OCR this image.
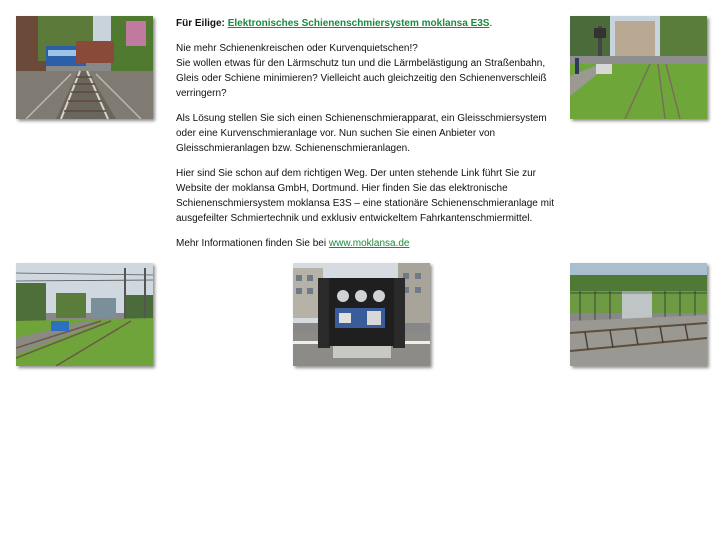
Für Eilige: Elektronisches Schienenschmiersystem moklansa E3S.

Nie mehr Schienenkreischen oder Kurvenquietschen!?
Sie wollen etwas für den Lärmschutz tun und die Lärmbelästigung an Straßenbahn, Gleis oder Schiene minimieren? Vielleicht auch gleichzeitig den Schienenverschleiß verringern?

Als Lösung stellen Sie sich einen Schienenschmierapparat, ein Gleisschmiersystem oder eine Kurvenschmieranlage vor. Nun suchen Sie einen Anbieter von Gleisschmieranlagen bzw. Schienenschmieranlagen.

Hier sind Sie schon auf dem richtigen Weg. Der unten stehende Link führt Sie zur Website der moklansa GmbH, Dortmund. Hier finden Sie das elektronische Schienenschmiersystem moklansa E3S – eine stationäre Schienenschmieranlage mit ausgefeilter Schmiertechnik und exklusiv entwickeltem Fahrkantenschmiermittel.

Mehr Informationen finden Sie bei www.moklansa.de
